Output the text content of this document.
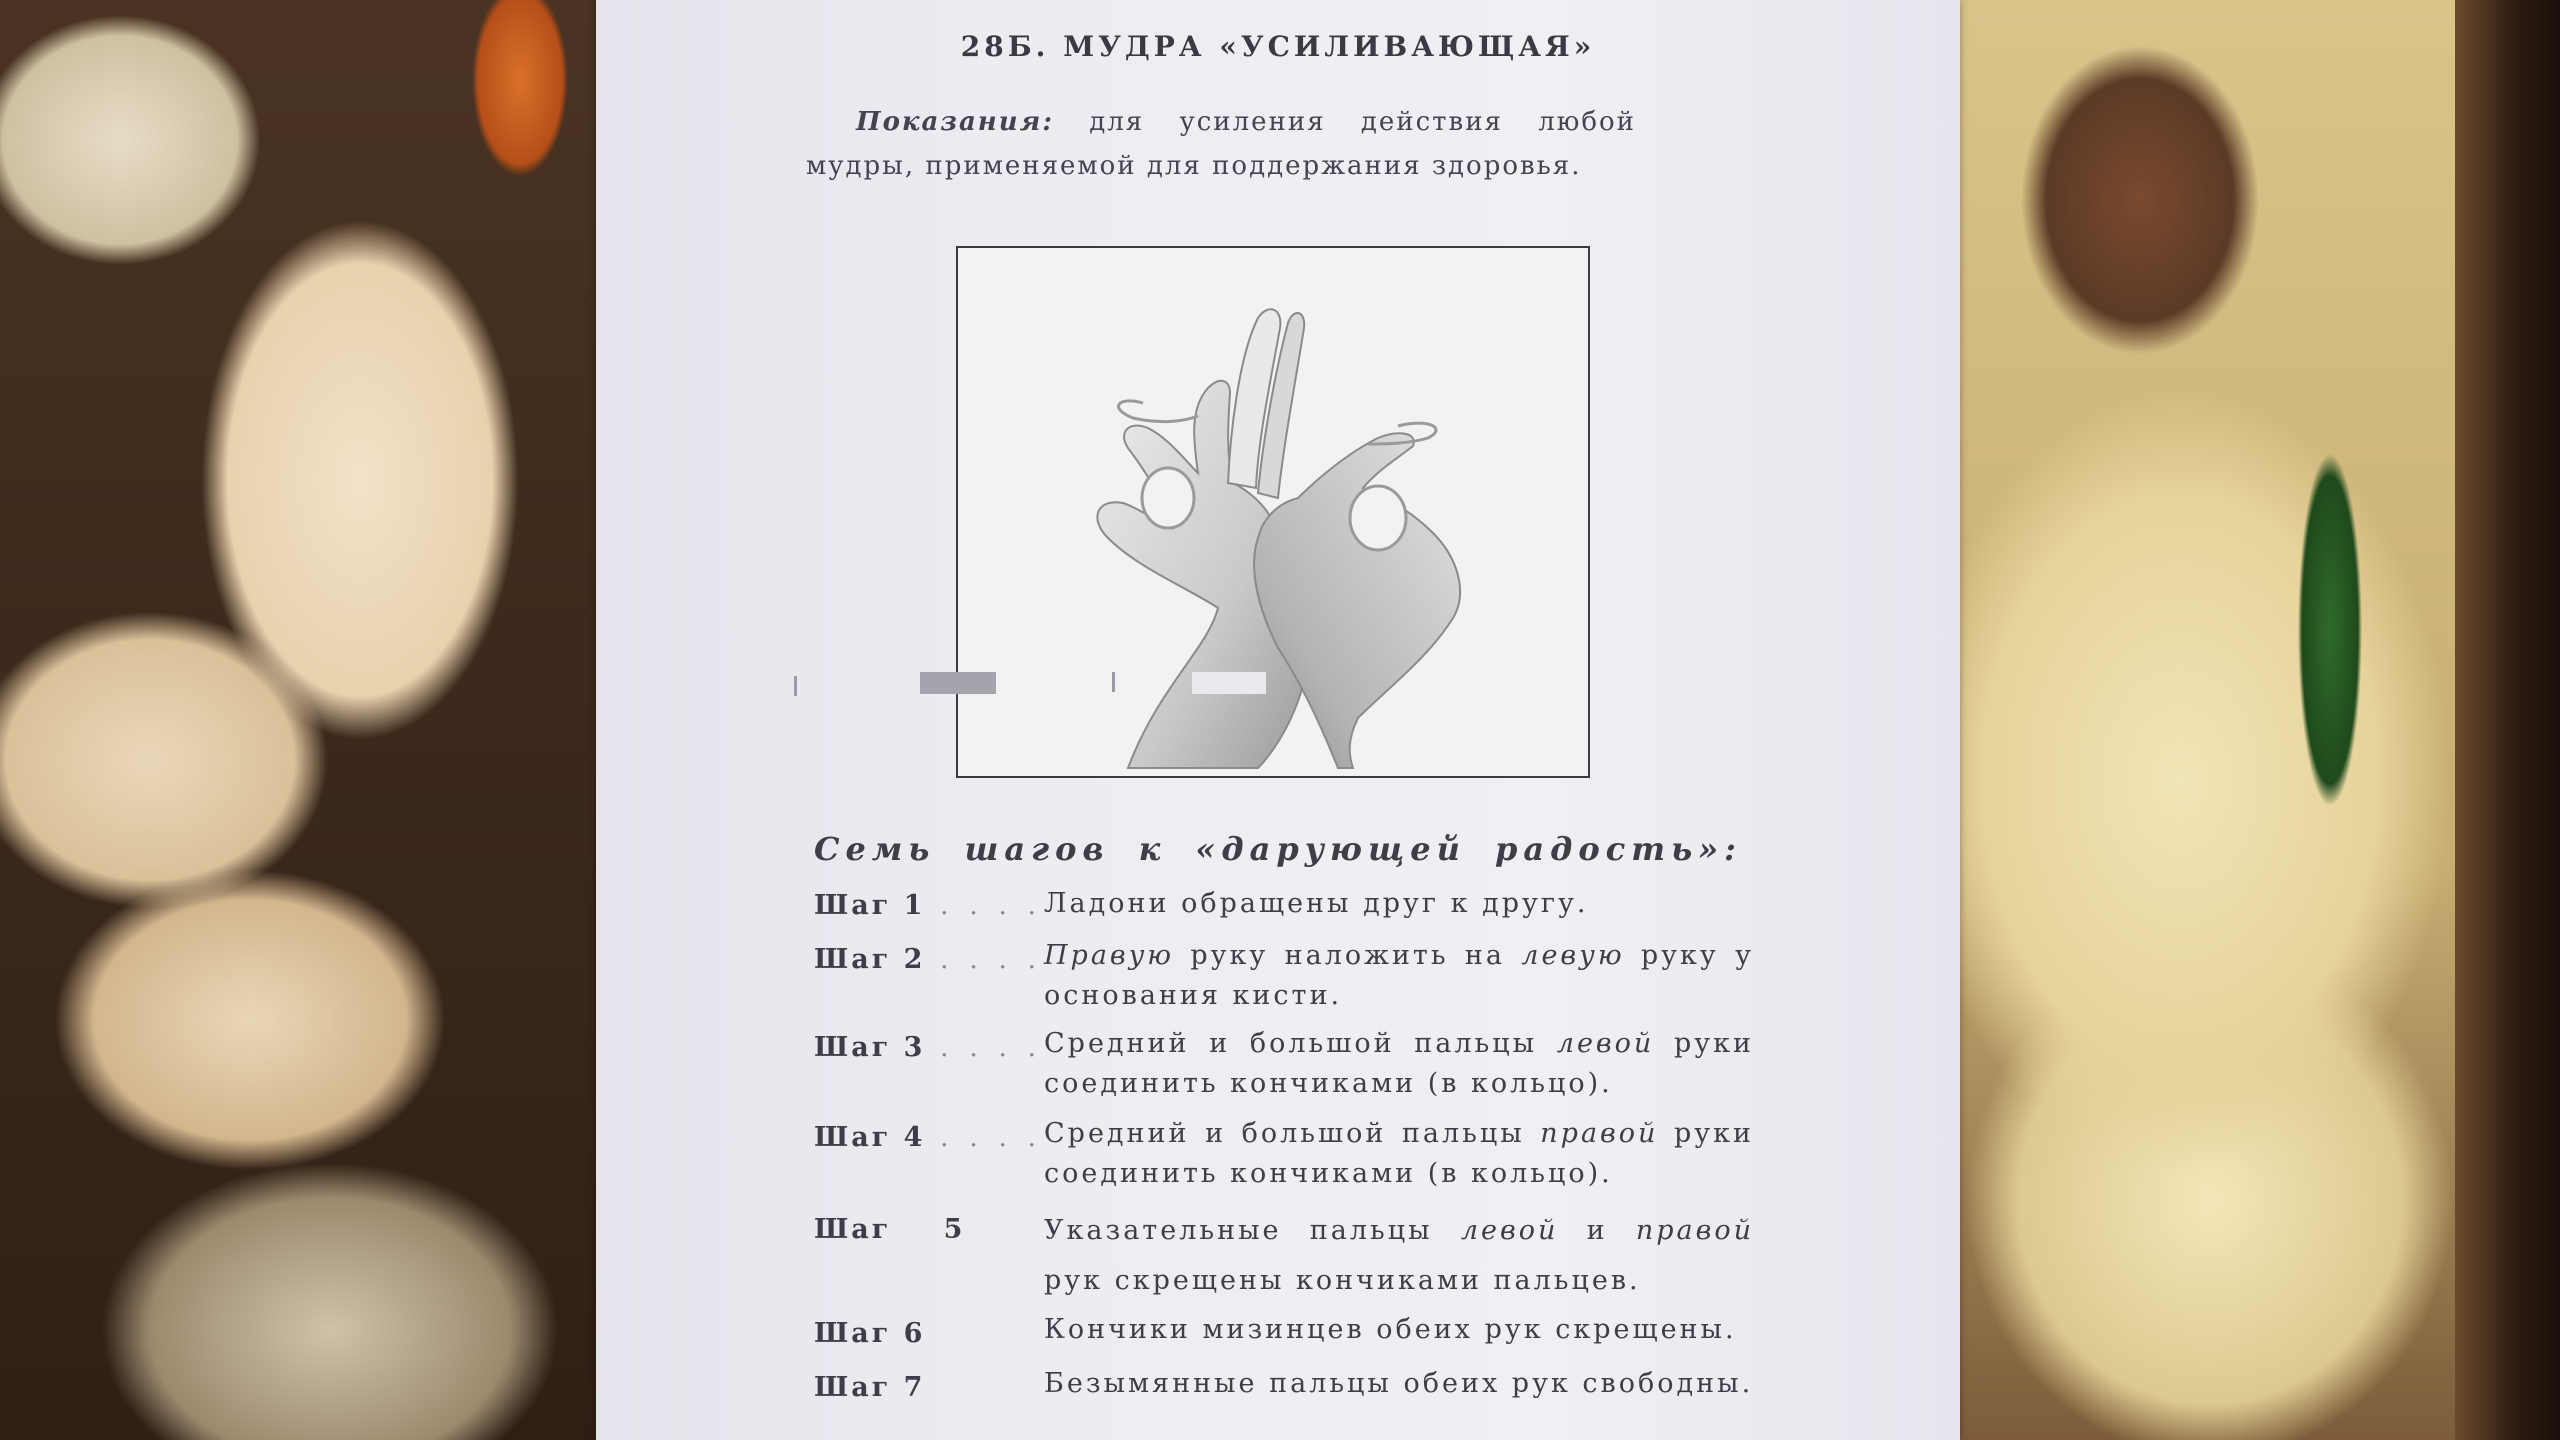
28Б. МУДРА «УСИЛИВАЮЩАЯ»
Показания: для усиления действия любой мудры, применяемой для поддержания здоровья.
Семь шагов к «дарующей радость»:
Шаг 1 . . . . Ладони обращены друг к другу.
Шаг 2 . . . . Правую руку наложить на левую руку у основания кисти.
Шаг 3 . . . . Средний и большой пальцы левой руки соединить кончиками (в кольцо).
Шаг 4 . . . . Средний и большой пальцы правой руки соединить кончиками (в кольцо).
Шаг 5	Указательные пальцы левой и правой рук скрещены кончиками пальцев.
Шаг 6	Кончики мизинцев обеих рук скрещены.
Шаг 7	Безымянные пальцы обеих рук свободны.
